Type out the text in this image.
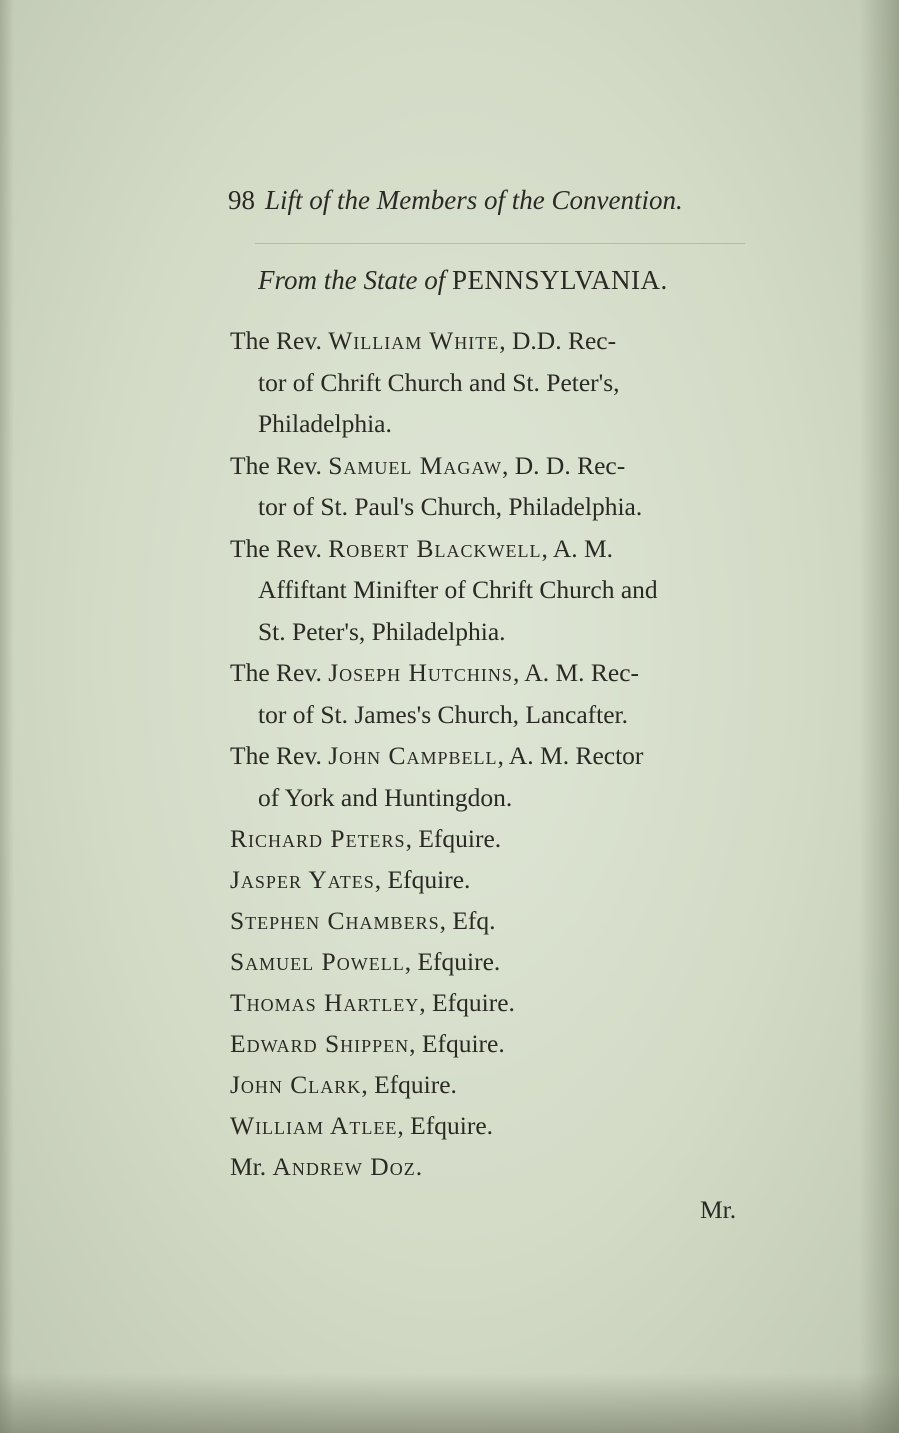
98 Lift of the Members of the Convention.
From the State of PENNSYLVANIA.
The Rev. William White, D.D. Rec-
tor of Chrift Church and St. Peter's,
Philadelphia.
The Rev. Samuel Magaw, D. D. Rec-
tor of St. Paul's Church, Philadelphia.
The Rev. Robert Blackwell, A. M.
Affiftant Minifter of Chrift Church and
St. Peter's, Philadelphia.
The Rev. Joseph Hutchins, A. M. Rec-
tor of St. James's Church, Lancafter.
The Rev. John Campbell, A. M. Rector
of York and Huntingdon.
Richard Peters, Efquire.
Jasper Yates, Efquire.
Stephen Chambers, Efq.
Samuel Powell, Efquire.
Thomas Hartley, Efquire.
Edward Shippen, Efquire.
John Clark, Efquire.
William Atlee, Efquire.
Mr. Andrew Doz.
Mr.
